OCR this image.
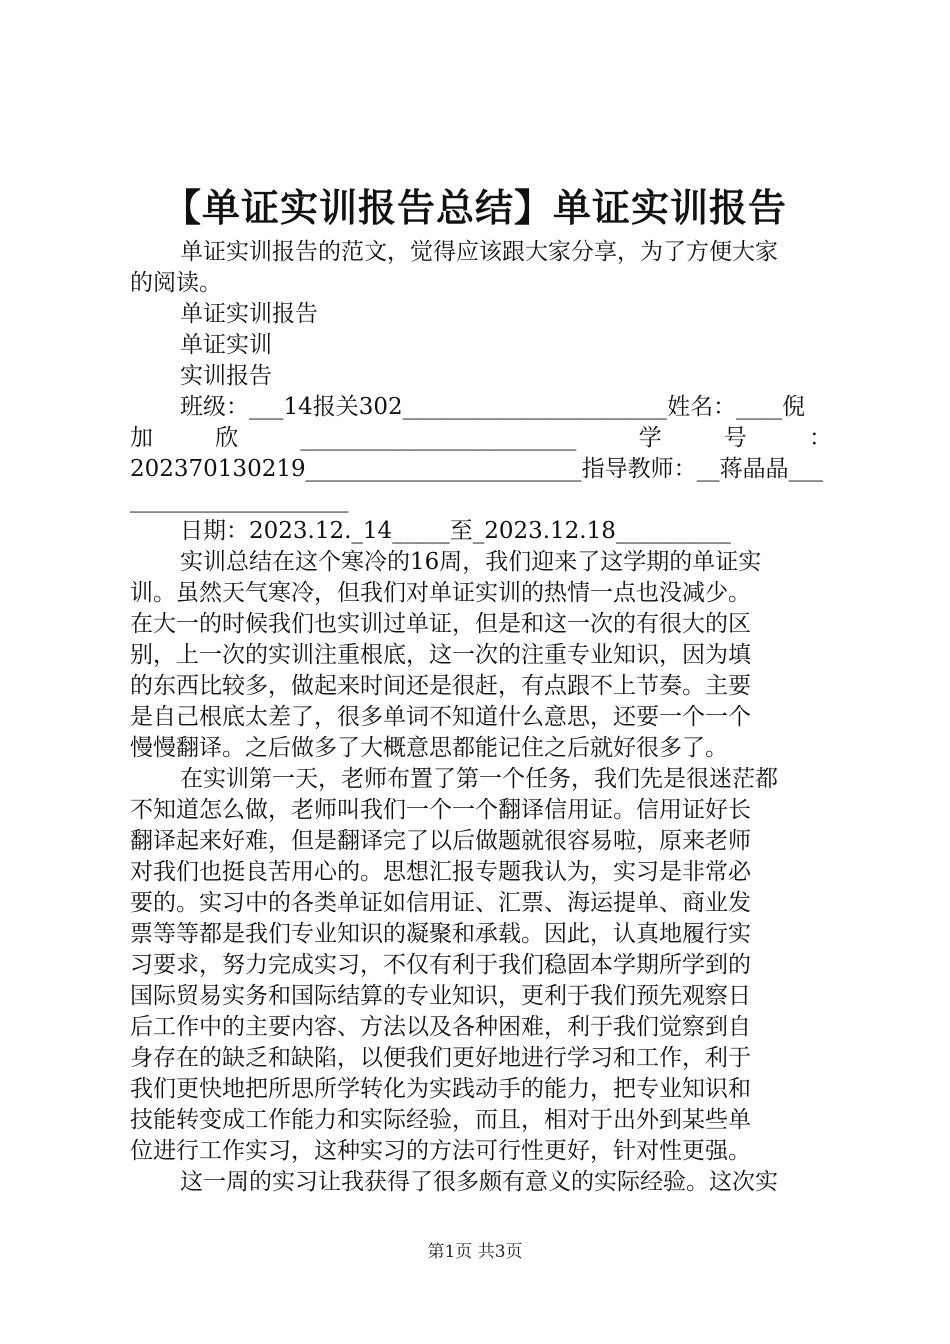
【单证实训报告总结】单证实训报告
单证实训报告的范文，觉得应该跟大家分享，为了方便大家
的阅读。
单证实训报告
单证实训
实训报告
班级：___14报关302_______________________姓名：____倪
加	欣	________________________	学	号	：
202370130219________________________指导教师：__蒋晶晶___
___________________
日期：2023.12._14_____至_2023.12.18__________
实训总结在这个寒冷的16周，我们迎来了这学期的单证实
训。虽然天气寒冷，但我们对单证实训的热情一点也没减少。
在大一的时候我们也实训过单证，但是和这一次的有很大的区
别，上一次的实训注重根底，这一次的注重专业知识，因为填
的东西比较多，做起来时间还是很赶，有点跟不上节奏。主要
是自己根底太差了，很多单词不知道什么意思，还要一个一个
慢慢翻译。之后做多了大概意思都能记住之后就好很多了。
在实训第一天，老师布置了第一个任务，我们先是很迷茫都
不知道怎么做，老师叫我们一个一个翻译信用证。信用证好长
翻译起来好难，但是翻译完了以后做题就很容易啦，原来老师
对我们也挺良苦用心的。思想汇报专题我认为，实习是非常必
要的。实习中的各类单证如信用证、汇票、海运提单、商业发
票等等都是我们专业知识的凝聚和承载。因此，认真地履行实
习要求，努力完成实习，不仅有利于我们稳固本学期所学到的
国际贸易实务和国际结算的专业知识，更利于我们预先观察日
后工作中的主要内容、方法以及各种困难，利于我们觉察到自
身存在的缺乏和缺陷，以便我们更好地进行学习和工作，利于
我们更快地把所思所学转化为实践动手的能力，把专业知识和
技能转变成工作能力和实际经验，而且，相对于出外到某些单
位进行工作实习，这种实习的方法可行性更好，针对性更强。
这一周的实习让我获得了很多颇有意义的实际经验。这次实
第1页 共3页
